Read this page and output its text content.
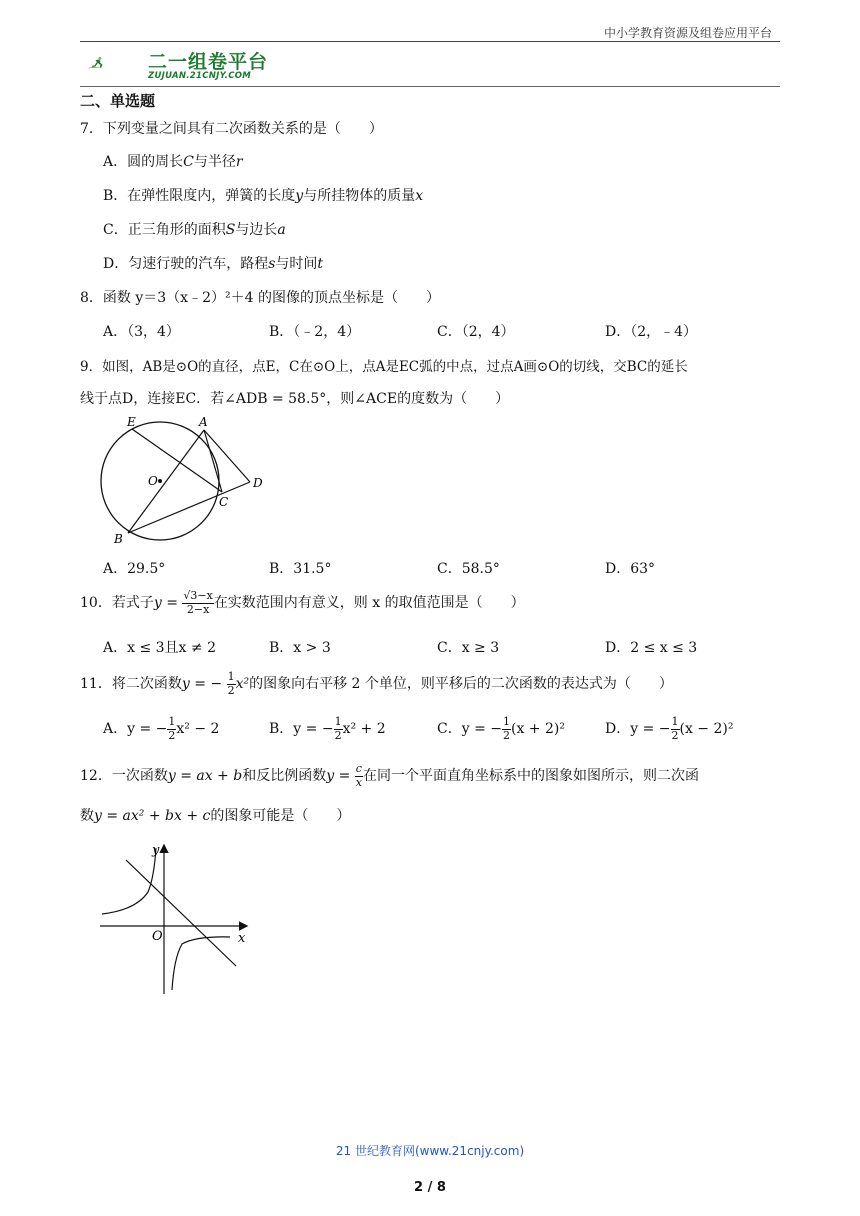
中小学教育资源及组卷应用平台
二一组卷平台
ZUJUAN.21CNJY.COM
二、单选题
7．下列变量之间具有二次函数关系的是（　　）
A．圆的周长C与半径r
B．在弹性限度内，弹簧的长度y与所挂物体的质量x
C．正三角形的面积S与边长a
D．匀速行驶的汽车，路程s与时间t
8．函数 y＝3（x﹣2）²＋4 的图像的顶点坐标是（　　）
A．（3，4）	B．（﹣2，4）	C．（2，4）	D．（2，﹣4）
9．如图，AB是⊙O的直径，点E，C在⊙O上，点A是EC弧的中点，过点A画⊙O的切线，交BC的延长
线于点D，连接EC．若∠ADB = 58.5°，则∠ACE的度数为（　　）
E	A
O
C
D
B
A．29.5°	B．31.5°	C．58.5°	D．63°
10．若式子$y = \frac{√3-x}{2-x}$ 在实数范围内有意义，则 x 的取值范围是（　　）
A．x ≤ 3且x ≠ 2	B．x > 3	C．x ≥ 3	D．2 ≤ x ≤ 3
11．将二次函数y = − $\frac{1}{2} x^2$的图象向右平移 2 个单位，则平移后的二次函数的表达式为（　　）
A．y = − $\frac{1}{2} x^2 - 2$	B．y = − $\frac{1}{2} x^2 + 2$	C．y = − $\frac{1}{2} (x + 2)^2$	D．y = − $\frac{1}{2} (x - 2)^2$
12．一次函数y = ax + b和反比例函数$y = \frac{c}{x}$ 在同一个平面直角坐标系中的图象如图所示，则二次函
数y = ax² + bx + c的图象可能是（　　）
y
x
O
21 世纪教育网(www.21cnjy.com)
2 / 8
